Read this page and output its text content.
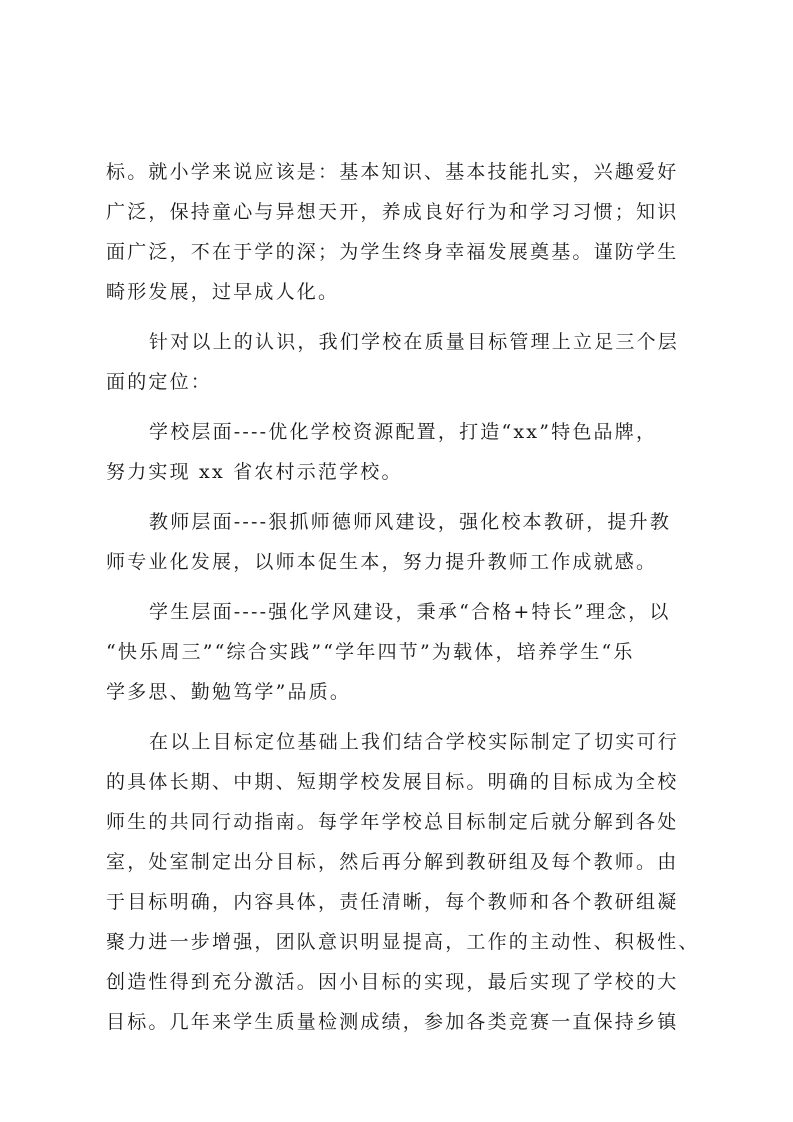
标。就小学来说应该是：基本知识、基本技能扎实，兴趣爱好
广泛，保持童心与异想天开，养成良好行为和学习习惯；知识
面广泛，不在于学的深；为学生终身幸福发展奠基。谨防学生
畸形发展，过早成人化。
针对以上的认识，我们学校在质量目标管理上立足三个层
面的定位：
学校层面----优化学校资源配置，打造“xx”特色品牌，
努力实现 xx 省农村示范学校。
教师层面----狠抓师德师风建设，强化校本教研，提升教
师专业化发展，以师本促生本，努力提升教师工作成就感。
学生层面----强化学风建设，秉承“合格+特长”理念，以
“快乐周三”“综合实践”“学年四节”为载体，培养学生“乐
学多思、勤勉笃学”品质。
在以上目标定位基础上我们结合学校实际制定了切实可行
的具体长期、中期、短期学校发展目标。明确的目标成为全校
师生的共同行动指南。每学年学校总目标制定后就分解到各处
室，处室制定出分目标，然后再分解到教研组及每个教师。由
于目标明确，内容具体，责任清晰，每个教师和各个教研组凝
聚力进一步增强，团队意识明显提高，工作的主动性、积极性、
创造性得到充分激活。因小目标的实现，最后实现了学校的大
目标。几年来学生质量检测成绩，参加各类竞赛一直保持乡镇
